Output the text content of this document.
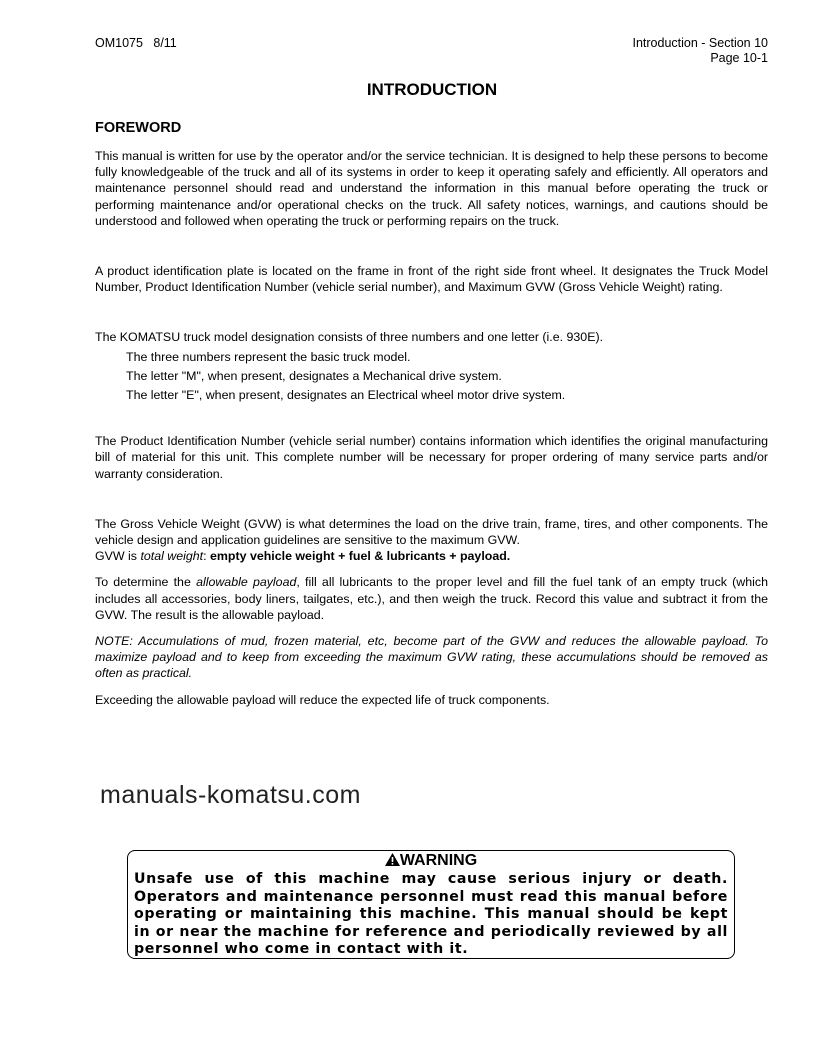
OM1075   8/11	Introduction - Section 10
Page 10-1
INTRODUCTION
FOREWORD
This manual is written for use by the operator and/or the service technician. It is designed to help these persons to become fully knowledgeable of the truck and all of its systems in order to keep it operating safely and efficiently. All operators and maintenance personnel should read and understand the information in this manual before operating the truck or performing maintenance and/or operational checks on the truck. All safety notices, warnings, and cautions should be understood and followed when operating the truck or performing repairs on the truck.
A product identification plate is located on the frame in front of the right side front wheel. It designates the Truck Model Number, Product Identification Number (vehicle serial number), and Maximum GVW (Gross Vehicle Weight) rating.
The KOMATSU truck model designation consists of three numbers and one letter (i.e. 930E).
The three numbers represent the basic truck model.
The letter "M", when present, designates a Mechanical drive system.
The letter "E", when present, designates an Electrical wheel motor drive system.
The Product Identification Number (vehicle serial number) contains information which identifies the original manufacturing bill of material for this unit. This complete number will be necessary for proper ordering of many service parts and/or warranty consideration.
The Gross Vehicle Weight (GVW) is what determines the load on the drive train, frame, tires, and other components. The vehicle design and application guidelines are sensitive to the maximum GVW.
GVW is total weight: empty vehicle weight + fuel & lubricants + payload.
To determine the allowable payload, fill all lubricants to the proper level and fill the fuel tank of an empty truck (which includes all accessories, body liners, tailgates, etc.), and then weigh the truck. Record this value and subtract it from the GVW. The result is the allowable payload.
NOTE: Accumulations of mud, frozen material, etc, become part of the GVW and reduces the allowable payload. To maximize payload and to keep from exceeding the maximum GVW rating, these accumulations should be removed as often as practical.
Exceeding the allowable payload will reduce the expected life of truck components.
manuals-komatsu.com
WARNING
Unsafe use of this machine may cause serious injury or death. Operators and maintenance personnel must read this manual before operating or maintaining this machine. This manual should be kept in or near the machine for reference and periodically reviewed by all personnel who come in contact with it.
